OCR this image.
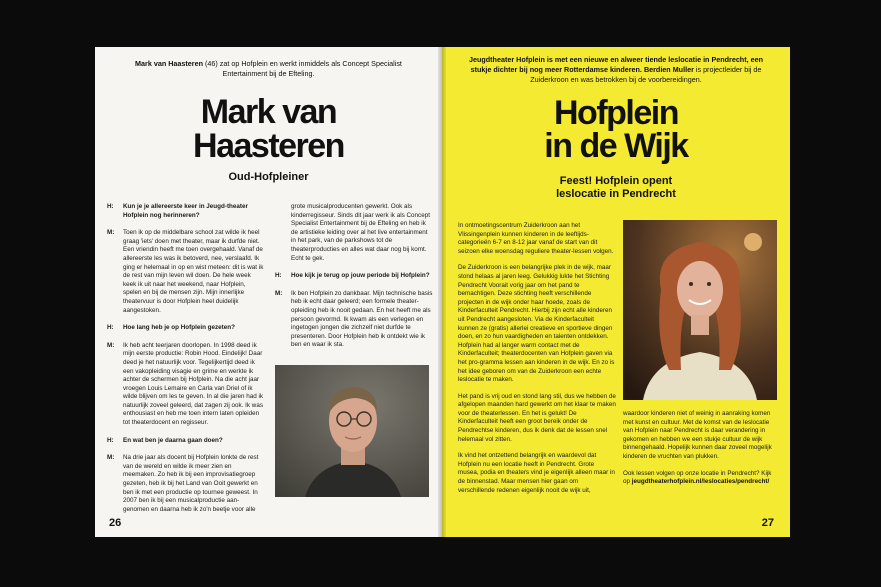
Mark van Haasteren (46) zat op Hofplein en werkt inmiddels als Concept Specialist Entertainment bij de Efteling.
Mark van
Haasteren
Oud-Hofpleiner
H:	Kun je je allereerste keer in Jeugd-theater Hofplein nog herinneren?
M:	Toen ik op de middelbare school zat wilde ik heel graag 'iets' doen met theater, maar ik durfde niet. Een vriendin heeft me toen overgehaald. Vanaf de allereerste les was ik betoverd, nee, verslaafd. Ik ging er helemaal in op en wist meteen: dit is wat ik de rest van mijn leven wil doen. De hele week keek ik uit naar het weekend, naar Hofplein, spelen en bij de mensen zijn. Mijn innerlijke theatervuur is door Hofplein heel duidelijk aangestoken.
H:	Hoe lang heb je op Hofplein gezeten?
M:	Ik heb acht teerjaren doorlopen. In 1998 deed ik mijn eerste productie: Robin Hood. Eindelijk! Daar deed je het natuurlijk voor. Tegelijkertijd deed ik een vakopleiding visagie en grime en werkte ik achter de schermen bij Hofplein. Na die acht jaar vroegen Louis Lemaire en Carla van Driel of ik wilde blijven om les te geven. In al die jaren had ik natuurlijk zoveel geleerd, dat zagen zij ook. Ik was enthousiast en heb me toen intern laten opleiden tot theaterdocent en regisseur.
H:	En wat ben je daarna gaan doen?
M:	Na drie jaar als docent bij Hofplein lonkte de rest van de wereld en wilde ik meer zien en meemaken. Zo heb ik bij een improvisatiegroep gezeten, heb ik bij het Land van Ooit gewerkt en ben ik met een productie op tournee geweest. In 2007 ben ik bij een musicalproductie aan-genomen en daarna heb ik zo'n beetje voor alle
grote musicalproducenten gewerkt. Ook als kinderregisseur. Sinds dit jaar werk ik als Concept Specialist Entertainment bij de Efteling en heb ik de artistieke leiding over al het live entertainment in het park, van de parkshows tot de theaterproducties en alles wat daar nog bij komt. Echt te gek.
H:	Hoe kijk je terug op jouw periode bij Hofplein?
M:	Ik ben Hofplein zo dankbaar. Mijn technische basis heb ik echt daar geleerd; een formele theater-opleiding heb ik nooit gedaan. En het heeft me als persoon gevormd. Ik kwam als een verlegen en ingetogen jongen die zichzelf niet durfde te presenteren. Door Hofplein heb ik ontdekt wie ik ben en waar ik sta.
26
Jeugdtheater Hofplein is met een nieuwe en alweer tiende leslocatie in Pendrecht, een stukje dichter bij nog meer Rotterdamse kinderen. Berdien Muller is projectleider bij de Zuiderkroon en was betrokken bij de voorbereidingen.
Hofplein
in de Wijk
Feest! Hofplein opent
leslocatie in Pendrecht
In ontmoetingscentrum Zuiderkroon aan het Vlissingenplein kunnen kinderen in de leeftijds-categorieën 6-7 en 8-12 jaar vanaf de start van dit seizoen elke woensdag reguliere theater-lessen volgen.
De Zuiderkroon is een belangrijke plek in de wijk, maar stond helaas al jaren leeg. Gelukkig lukte het Stichting Pendrecht Voorait vorig jaar om het pand te bemachtigen. Deze stichting heeft verschillende projecten in de wijk onder haar hoede, zoals de Kinderfaculteit Pendrecht. Hierbij zijn echt alle kinderen uit Pendrecht aangesloten. Via de Kinderfaculteit kunnen ze (gratis) allerlei creatieve en sportieve dingen doen, en zo hun vaardigheden en talenten ontdekken. Hofplein had al langer warm contact met de Kinderfaculteit; theaterdocenten van Hofplein gaven via het pro-gramma lessen aan kinderen in de wijk. En zo is het idee geboren om van de Zuiderkroon een echte leslocatie te maken.
Het pand is vrij oud en stond lang stil, dus we hebben de afgelopen maanden hard gewerkt om het klaar te maken voor de theaterlessen. En het is gelukt! De Kinderfaculteit heeft een groot bereik onder de Pendrechtse kinderen, dus ik denk dat de lessen snel helemaal vol zitten.
Ik vind het ontzettend belangrijk en waardevol dat Hofplein nu een locatie heeft in Pendrecht. Grote musea, podia en theaters vind je eigenlijk alleen maar in de binnenstad. Maar mensen hier gaan om verschillende redenen eigenlijk nooit de wijk uit,
waardoor kinderen niet of weinig in aanraking komen met kunst en cultuur. Met de komst van de leslocatie van Hofplein naar Pendrecht is daar verandering in gekomen en hebben we een stukje cultuur de wijk binnengehaald. Hopelijk kunnen daar zoveel mogelijk kinderen de vruchten van plukken.
Ook lessen volgen op onze locatie in Pendrecht? Kijk op jeugdtheaterhofplein.nl/leslocaties/pendrecht/
27
